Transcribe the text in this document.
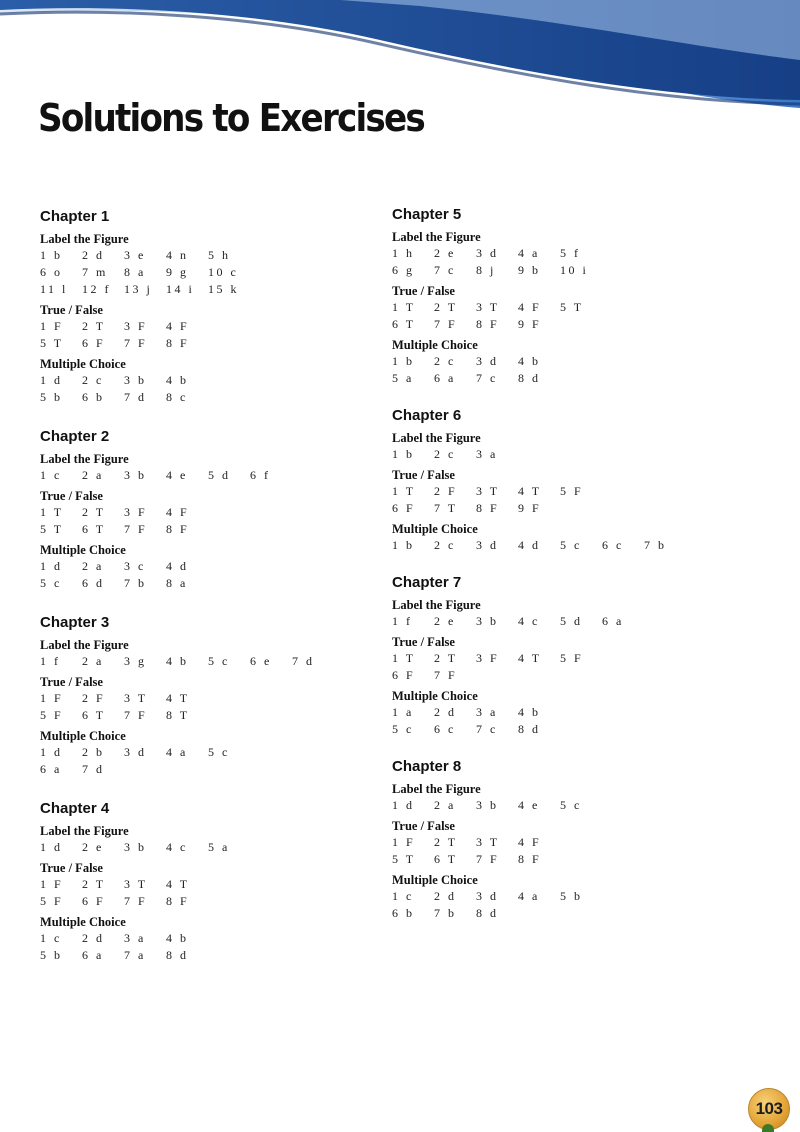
Solutions to Exercises
Chapter 1
Label the Figure
1 b	2 d	3 e	4 n	5 h
6 o	7 m	8 a	9 g	10 c
11 l	12 f	13 j	14 i	15 k
True / False
1 F	2 T	3 F	4 F
5 T	6 F	7 F	8 F
Multiple Choice
1 d	2 c	3 b	4 b
5 b	6 b	7 d	8 c
Chapter 2
Label the Figure
1 c	2 a	3 b	4 e	5 d	6 f
True / False
1 T	2 T	3 F	4 F
5 T	6 T	7 F	8 F
Multiple Choice
1 d	2 a	3 c	4 d
5 c	6 d	7 b	8 a
Chapter 3
Label the Figure
1 f	2 a	3 g	4 b	5 c	6 e	7 d
True / False
1 F	2 F	3 T	4 T
5 F	6 T	7 F	8 T
Multiple Choice
1 d	2 b	3 d	4 a	5 c
6 a	7 d
Chapter 4
Label the Figure
1 d	2 e	3 b	4 c	5 a
True / False
1 F	2 T	3 T	4 T
5 F	6 F	7 F	8 F
Multiple Choice
1 c	2 d	3 a	4 b
5 b	6 a	7 a	8 d
Chapter 5
Label the Figure
1 h	2 e	3 d	4 a	5 f
6 g	7 c	8 j	9 b	10 i
True / False
1 T	2 T	3 T	4 F	5 T
6 T	7 F	8 F	9 F
Multiple Choice
1 b	2 c	3 d	4 b
5 a	6 a	7 c	8 d
Chapter 6
Label the Figure
1 b	2 c	3 a
True / False
1 T	2 F	3 T	4 T	5 F
6 F	7 T	8 F	9 F
Multiple Choice
1 b	2 c	3 d	4 d	5 c	6 c	7 b
Chapter 7
Label the Figure
1 f	2 e	3 b	4 c	5 d	6 a
True / False
1 T	2 T	3 F	4 T	5 F
6 F	7 F
Multiple Choice
1 a	2 d	3 a	4 b
5 c	6 c	7 c	8 d
Chapter 8
Label the Figure
1 d	2 a	3 b	4 e	5 c
True / False
1 F	2 T	3 T	4 F
5 T	6 T	7 F	8 F
Multiple Choice
1 c	2 d	3 d	4 a	5 b
6 b	7 b	8 d
103
